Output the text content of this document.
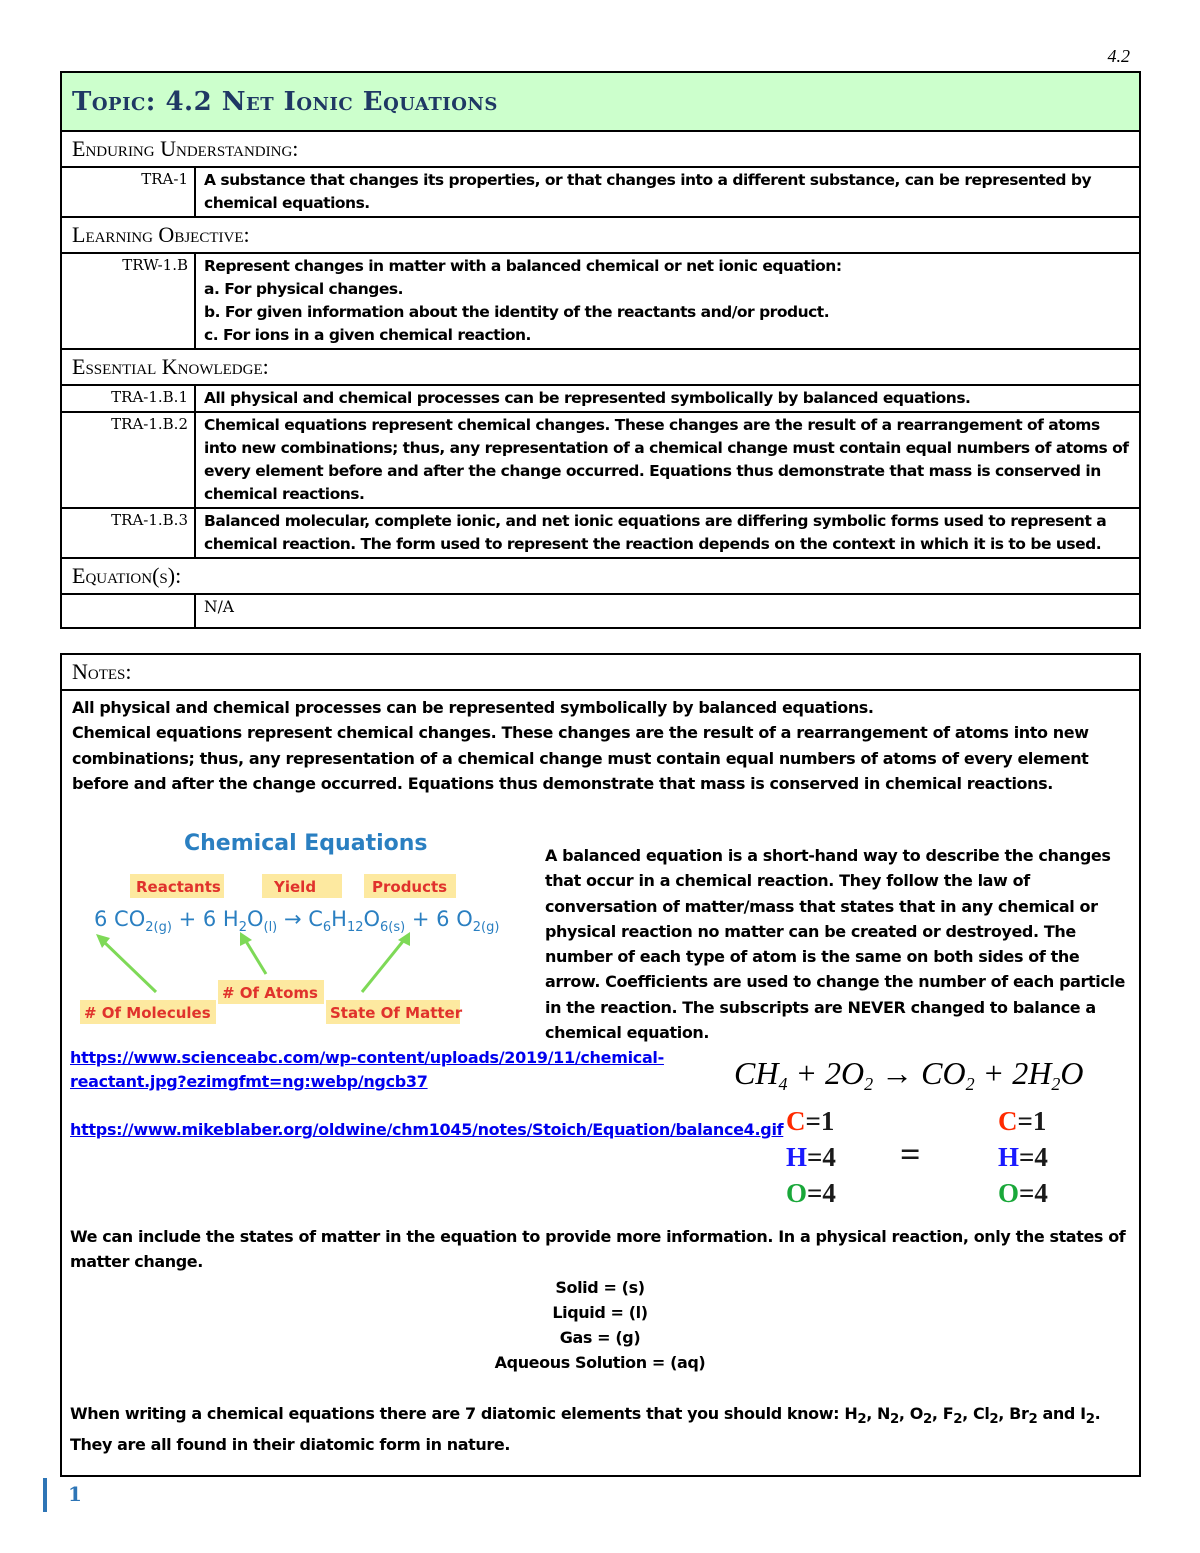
4.2
Topic: 4.2 Net Ionic Equations	
Enduring Understanding:	
TRA-1	A substance that changes its properties, or that changes into a different substance, can be represented by chemical equations.
Learning Objective:	
TRW-1.B	Represent changes in matter with a balanced chemical or net ionic equation:
a. For physical changes.
b. For given information about the identity of the reactants and/or product.
c. For ions in a given chemical reaction.

Essential Knowledge:	
TRA-1.B.1	All physical and chemical processes can be represented symbolically by balanced equations.
TRA-1.B.2	Chemical equations represent chemical changes. These changes are the result of a rearrangement of atoms into new combinations; thus, any representation of a chemical change must contain equal numbers of atoms of every element before and after the change occurred. Equations thus demonstrate that mass is conserved in chemical reactions.
TRA-1.B.3	Balanced molecular, complete ionic, and net ionic equations are differing symbolic forms used to represent a chemical reaction. The form used to represent the reaction depends on the context in which it is to be used.
Equation(s):	
	N/A
Notes:
All physical and chemical processes can be represented symbolically by balanced equations.
Chemical equations represent chemical changes. These changes are the result of a rearrangement of atoms into new combinations; thus, any representation of a chemical change must contain equal numbers of atoms of every element before and after the change occurred. Equations thus demonstrate that mass is conserved in chemical reactions.
Chemical Equations
Reactants	Yield	Products
6 $CO_{2(g)} + 6$ $H_2O_{(l)} \to C_6H_{12}O_{6(s)} + 6$ $O_{2(g)}$
# Of Atoms
# Of Molecules	State Of Matter
A balanced equation is a short-hand way to describe the changes that occur in a chemical reaction. They follow the law of conversation of matter/mass that states that in any chemical or physical reaction no matter can be created or destroyed. The number of each type of atom is the same on both sides of the arrow. Coefficients are used to change the number of each particle in the reaction. The subscripts are NEVER changed to balance a chemical equation.
https://www.scienceabc.com/wp-content/uploads/2019/11/chemical-reactant.jpg?ezimgfmt=ng:webp/ngcb37
https://www.mikeblaber.org/oldwine/chm1045/notes/Stoich/Equation/balance4.gif
CH4 + 2O2 → CO2 + 2H2O
C=1
H=4
O=4
=
C=1
H=4
O=4
We can include the states of matter in the equation to provide more information. In a physical reaction, only the states of matter change.
Solid = (s)
Liquid = (l)
Gas = (g)
Aqueous Solution = (aq)
When writing a chemical equations there are 7 diatomic elements that you should know: $H_2$, $N_2$, $O_2$, $F_2$, $Cl_2$, $Br_2$ and $I_2$. They are all found in their diatomic form in nature.
1
